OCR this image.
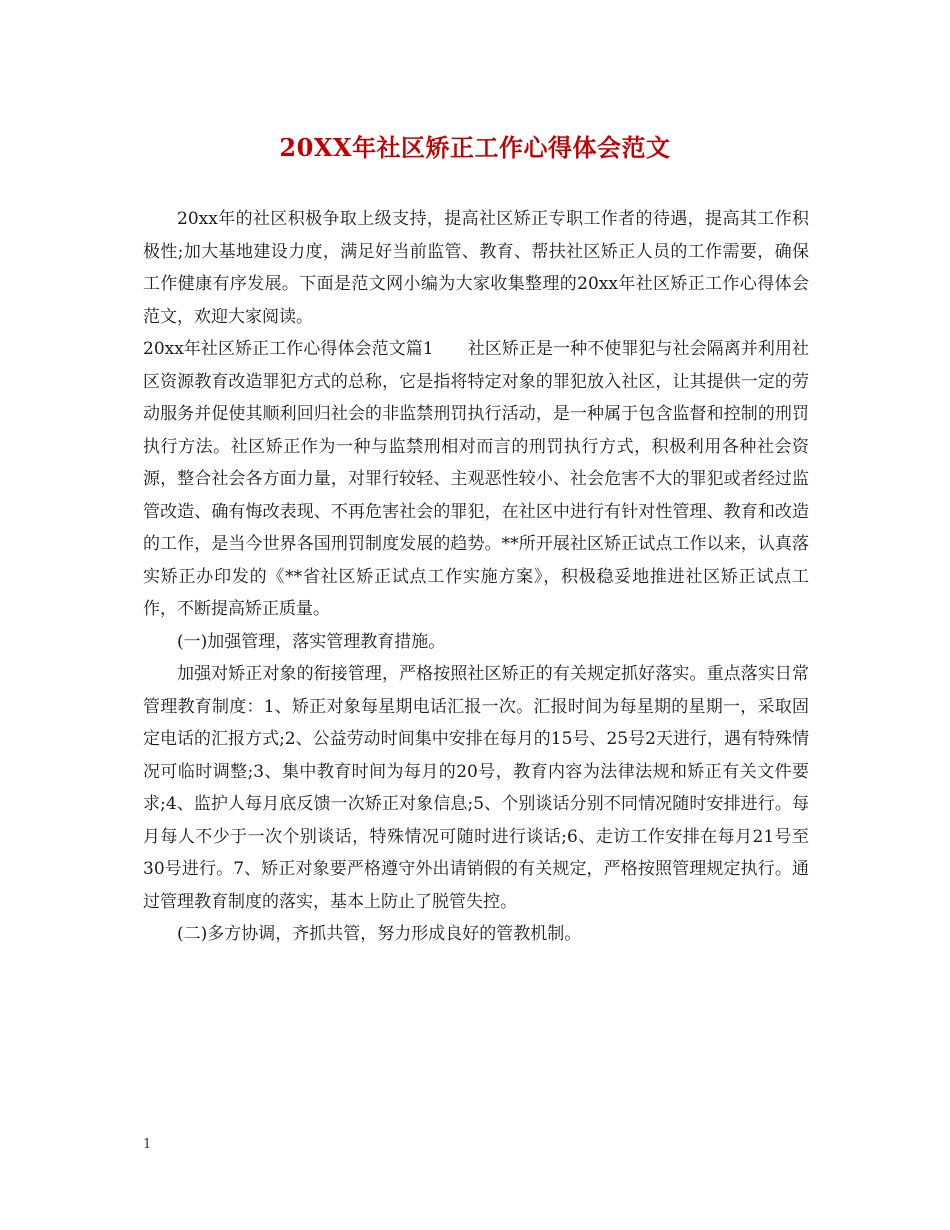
20XX年社区矫正工作心得体会范文

20xx年的社区积极争取上级支持，提高社区矫正专职工作者的待遇，提高其工作积极性;加大基地建设力度，满足好当前监管、教育、帮扶社区矫正人员的工作需要，确保工作健康有序发展。下面是范文网小编为大家收集整理的20xx年社区矫正工作心得体会范文，欢迎大家阅读。

20xx年社区矫正工作心得体会范文篇1　　社区矫正是一种不使罪犯与社会隔离并利用社区资源教育改造罪犯方式的总称，它是指将特定对象的罪犯放入社区，让其提供一定的劳动服务并促使其顺利回归社会的非监禁刑罚执行活动，是一种属于包含监督和控制的刑罚执行方法。社区矫正作为一种与监禁刑相对而言的刑罚执行方式，积极利用各种社会资源，整合社会各方面力量，对罪行较轻、主观恶性较小、社会危害不大的罪犯或者经过监管改造、确有悔改表现、不再危害社会的罪犯，在社区中进行有针对性管理、教育和改造的工作，是当今世界各国刑罚制度发展的趋势。**所开展社区矫正试点工作以来，认真落实矫正办印发的《**省社区矫正试点工作实施方案》，积极稳妥地推进社区矫正试点工作，不断提高矫正质量。

(一)加强管理，落实管理教育措施。

加强对矫正对象的衔接管理，严格按照社区矫正的有关规定抓好落实。重点落实日常管理教育制度：1、矫正对象每星期电话汇报一次。汇报时间为每星期的星期一，采取固定电话的汇报方式;2、公益劳动时间集中安排在每月的15号、25号2天进行，遇有特殊情况可临时调整;3、集中教育时间为每月的20号，教育内容为法律法规和矫正有关文件要求;4、监护人每月底反馈一次矫正对象信息;5、个别谈话分别不同情况随时安排进行。每月每人不少于一次个别谈话，特殊情况可随时进行谈话;6、走访工作安排在每月21号至30号进行。7、矫正对象要严格遵守外出请销假的有关规定，严格按照管理规定执行。通过管理教育制度的落实，基本上防止了脱管失控。

(二)多方协调，齐抓共管，努力形成良好的管教机制。

1
